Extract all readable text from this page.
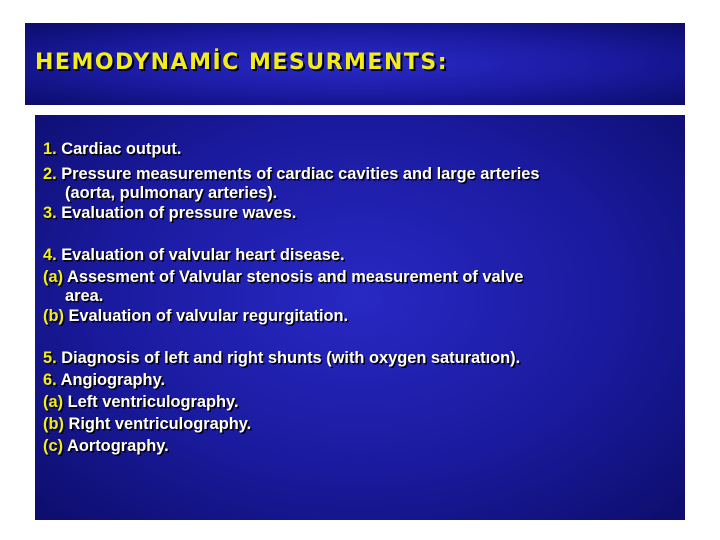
HEMODYNAMİC MESURMENTS:
1. Cardiac output.
2. Pressure measurements of cardiac cavities and large arteries
(aorta, pulmonary arteries).
3. Evaluation of pressure waves.
4. Evaluation of valvular heart disease.
(a) Assesment of Valvular stenosis and measurement of valve
area.
(b) Evaluation of valvular regurgitation.
5. Diagnosis of left and right shunts (with oxygen saturatıon).
6. Angiography.
(a) Left ventriculography.
(b) Right ventriculography.
(c) Aortography.
